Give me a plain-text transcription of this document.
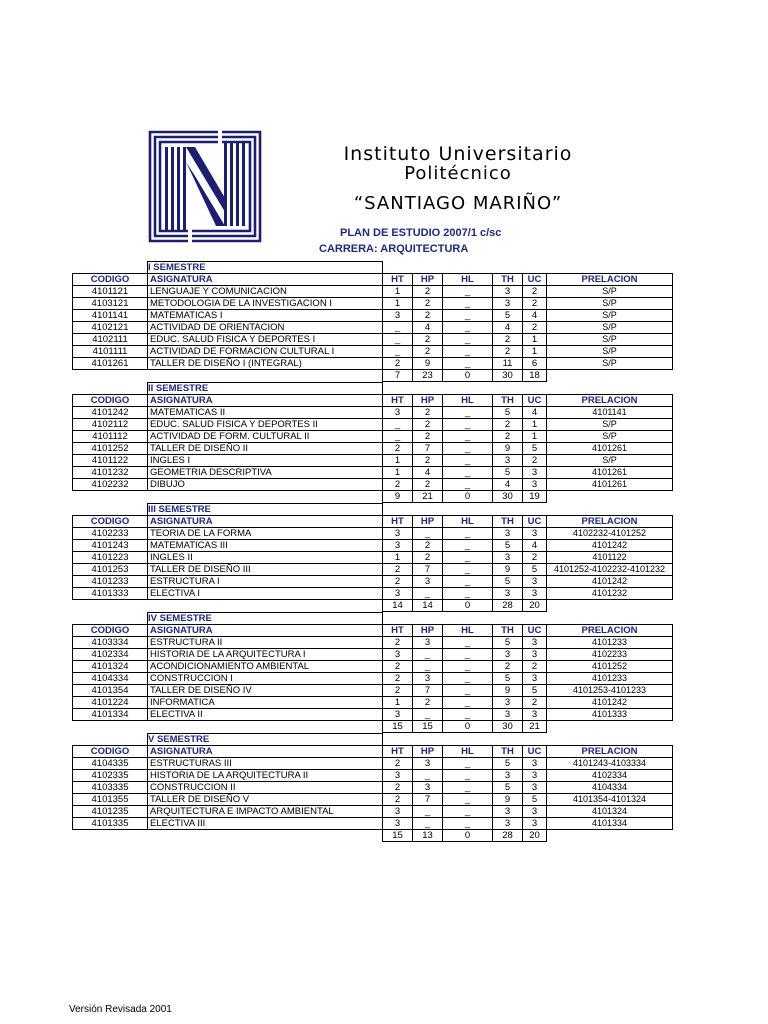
Instituto Universitario
Politécnico
“SANTIAGO MARIÑO”
PLAN DE ESTUDIO 2007/1 c/sc
CARRERA: ARQUITECTURA
	I SEMESTRE						
CODIGO	ASIGNATURA	HT	HP	HL	TH	UC	PRELACION
4101121	LENGUAJE Y COMUNICACION	1	2	_	3	2	S/P
4103121	METODOLOGIA DE LA INVESTIGACION I	1	2	_	3	2	S/P
4101141	MATEMATICAS I	3	2	_	5	4	S/P
4102121	ACTIVIDAD DE ORIENTACION	_	4	_	4	2	S/P
4102111	EDUC. SALUD FISICA Y DEPORTES I	_	2	_	2	1	S/P
4101111	ACTIVIDAD DE FORMACION CULTURAL I	_	2	_	2	1	S/P
4101261	TALLER DE DISEÑO I (INTEGRAL)	2	9	_	11	6	S/P
		7	23	0	30	18	
	II SEMESTRE						
CODIGO	ASIGNATURA	HT	HP	HL	TH	UC	PRELACION
4101242	MATEMATICAS II	3	2	_	5	4	4101141
4102112	EDUC. SALUD FISICA Y DEPORTES II	_	2	_	2	1	S/P
4101112	ACTIVIDAD DE FORM. CULTURAL II	_	2	_	2	1	S/P
4101252	TALLER DE DISEÑO II	2	7	_	9	5	4101261
4101122	INGLES I	1	2	_	3	2	S/P
4101232	GEOMETRIA DESCRIPTIVA	1	4	_	5	3	4101261
4102232	DIBUJO	2	2	_	4	3	4101261
		9	21	0	30	19	
	III SEMESTRE						
CODIGO	ASIGNATURA	HT	HP	HL	TH	UC	PRELACION
4102233	TEORIA DE LA FORMA	3	_	_	3	3	4102232-4101252
4101243	MATEMATICAS III	3	2	_	5	4	4101242
4101223	INGLES II	1	2	_	3	2	4101122
4101253	TALLER DE DISEÑO III	2	7	_	9	5	4101252-4102232-4101232
4101233	ESTRUCTURA I	2	3	_	5	3	4101242
4101333	ELECTIVA I	3	_	_	3	3	4101232
		14	14	0	28	20	
	IV SEMESTRE						
CODIGO	ASIGNATURA	HT	HP	HL	TH	UC	PRELACION
4103334	ESTRUCTURA II	2	3	_	5	3	4101233
4102334	HISTORIA DE LA ARQUITECTURA I	3	_	_	3	3	4102233
4101324	ACONDICIONAMIENTO AMBIENTAL	2	_	_	2	2	4101252
4104334	CONSTRUCCION I	2	3	_	5	3	4101233
4101354	TALLER DE DISEÑO IV	2	7	_	9	5	4101253-4101233
4101224	INFORMATICA	1	2	_	3	2	4101242
4101334	ELECTIVA II	3	_	_	3	3	4101333
		15	15	0	30	21	
	V SEMESTRE						
CODIGO	ASIGNATURA	HT	HP	HL	TH	UC	PRELACION
4104335	ESTRUCTURAS III	2	3	_	5	3	4101243-4103334
4102335	HISTORIA DE LA ARQUITECTURA II	3	_	_	3	3	4102334
4103335	CONSTRUCCION II	2	3	_	5	3	4104334
4101355	TALLER DE DISEÑO V	2	7	_	9	5	4101354-4101324
4101235	ARQUITECTURA E IMPACTO AMBIENTAL	3	_	_	3	3	4101324
4101335	ELECTIVA III	3	_	_	3	3	4101334
		15	13	0	28	20	
Versión Revisada 2001
